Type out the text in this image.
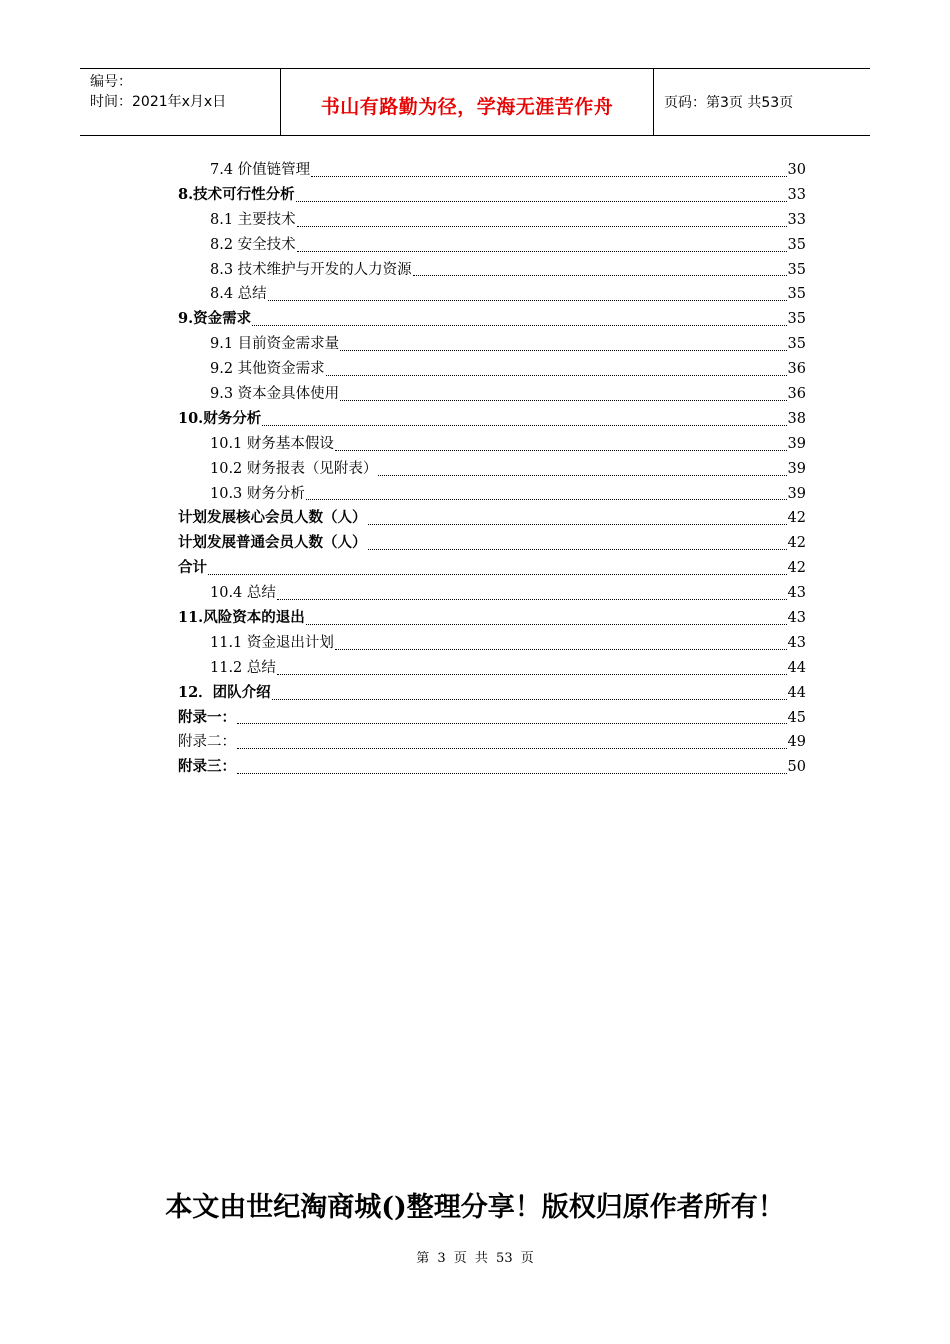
编号：
时间：2021年x月x日	书山有路勤为径，学海无涯苦作舟	页码：第3页 共53页
7.4 价值链管理	30
8.技术可行性分析	33
8.1 主要技术	33
8.2 安全技术	35
8.3 技术维护与开发的人力资源	35
8.4 总结	35
9.资金需求	35
9.1 目前资金需求量	35
9.2 其他资金需求	36
9.3 资本金具体使用	36
10.财务分析	38
10.1 财务基本假设	39
10.2 财务报表（见附表）	39
10.3 财务分析	39
计划发展核心会员人数（人）	42
计划发展普通会员人数（人）	42
合计	42
10.4 总结	43
11.风险资本的退出	43
11.1 资金退出计划	43
11.2 总结	44
12．团队介绍	44
附录一：	45
附录二：	49
附录三：	50
本文由世纪淘商城()整理分享！版权归原作者所有！
第 3 页 共 53 页
